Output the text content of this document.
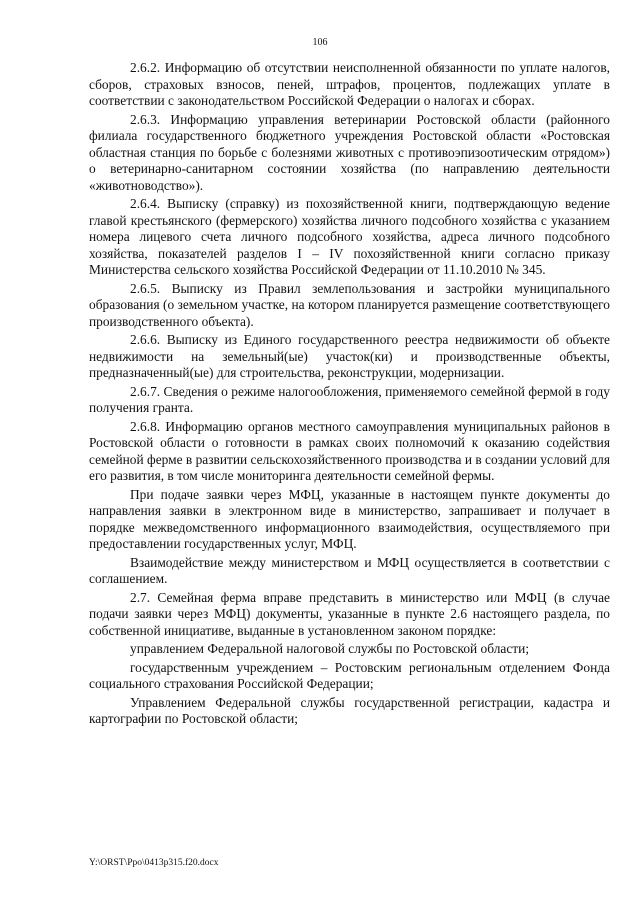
106

2.6.2. Информацию об отсутствии неисполненной обязанности по уплате налогов, сборов, страховых взносов, пеней, штрафов, процентов, подлежащих уплате в соответствии с законодательством Российской Федерации о налогах и сборах.

2.6.3. Информацию управления ветеринарии Ростовской области (районного филиала государственного бюджетного учреждения Ростовской области «Ростовская областная станция по борьбе с болезнями животных с противоэпизоотическим отрядом») о ветеринарно-санитарном состоянии хозяйства (по направлению деятельности «животноводство»).

2.6.4. Выписку (справку) из похозяйственной книги, подтверждающую ведение главой крестьянского (фермерского) хозяйства личного подсобного хозяйства с указанием номера лицевого счета личного подсобного хозяйства, адреса личного подсобного хозяйства, показателей разделов I – IV похозяйственной книги согласно приказу Министерства сельского хозяйства Российской Федерации от 11.10.2010 № 345.

2.6.5. Выписку из Правил землепользования и застройки муниципального образования (о земельном участке, на котором планируется размещение соответствующего производственного объекта).

2.6.6. Выписку из Единого государственного реестра недвижимости об объекте недвижимости на земельный(ые) участок(ки) и производственные объекты, предназначенный(ые) для строительства, реконструкции, модернизации.

2.6.7. Сведения о режиме налогообложения, применяемого семейной фермой в году получения гранта.

2.6.8. Информацию органов местного самоуправления муниципальных районов в Ростовской области о готовности в рамках своих полномочий к оказанию содействия семейной ферме в развитии сельскохозяйственного производства и в создании условий для его развития, в том числе мониторинга деятельности семейной фермы.

При подаче заявки через МФЦ, указанные в настоящем пункте документы до направления заявки в электронном виде в министерство, запрашивает и получает в порядке межведомственного информационного взаимодействия, осуществляемого при предоставлении государственных услуг, МФЦ.

Взаимодействие между министерством и МФЦ осуществляется в соответствии с соглашением.

2.7. Семейная ферма вправе представить в министерство или МФЦ (в случае подачи заявки через МФЦ) документы, указанные в пункте 2.6 настоящего раздела, по собственной инициативе, выданные в установленном законом порядке:

управлением Федеральной налоговой службы по Ростовской области;

государственным учреждением – Ростовским региональным отделением Фонда социального страхования Российской Федерации;

Управлением Федеральной службы государственной регистрации, кадастра и картографии по Ростовской области;

Y:\ORST\Ppo\0413p315.f20.docx
